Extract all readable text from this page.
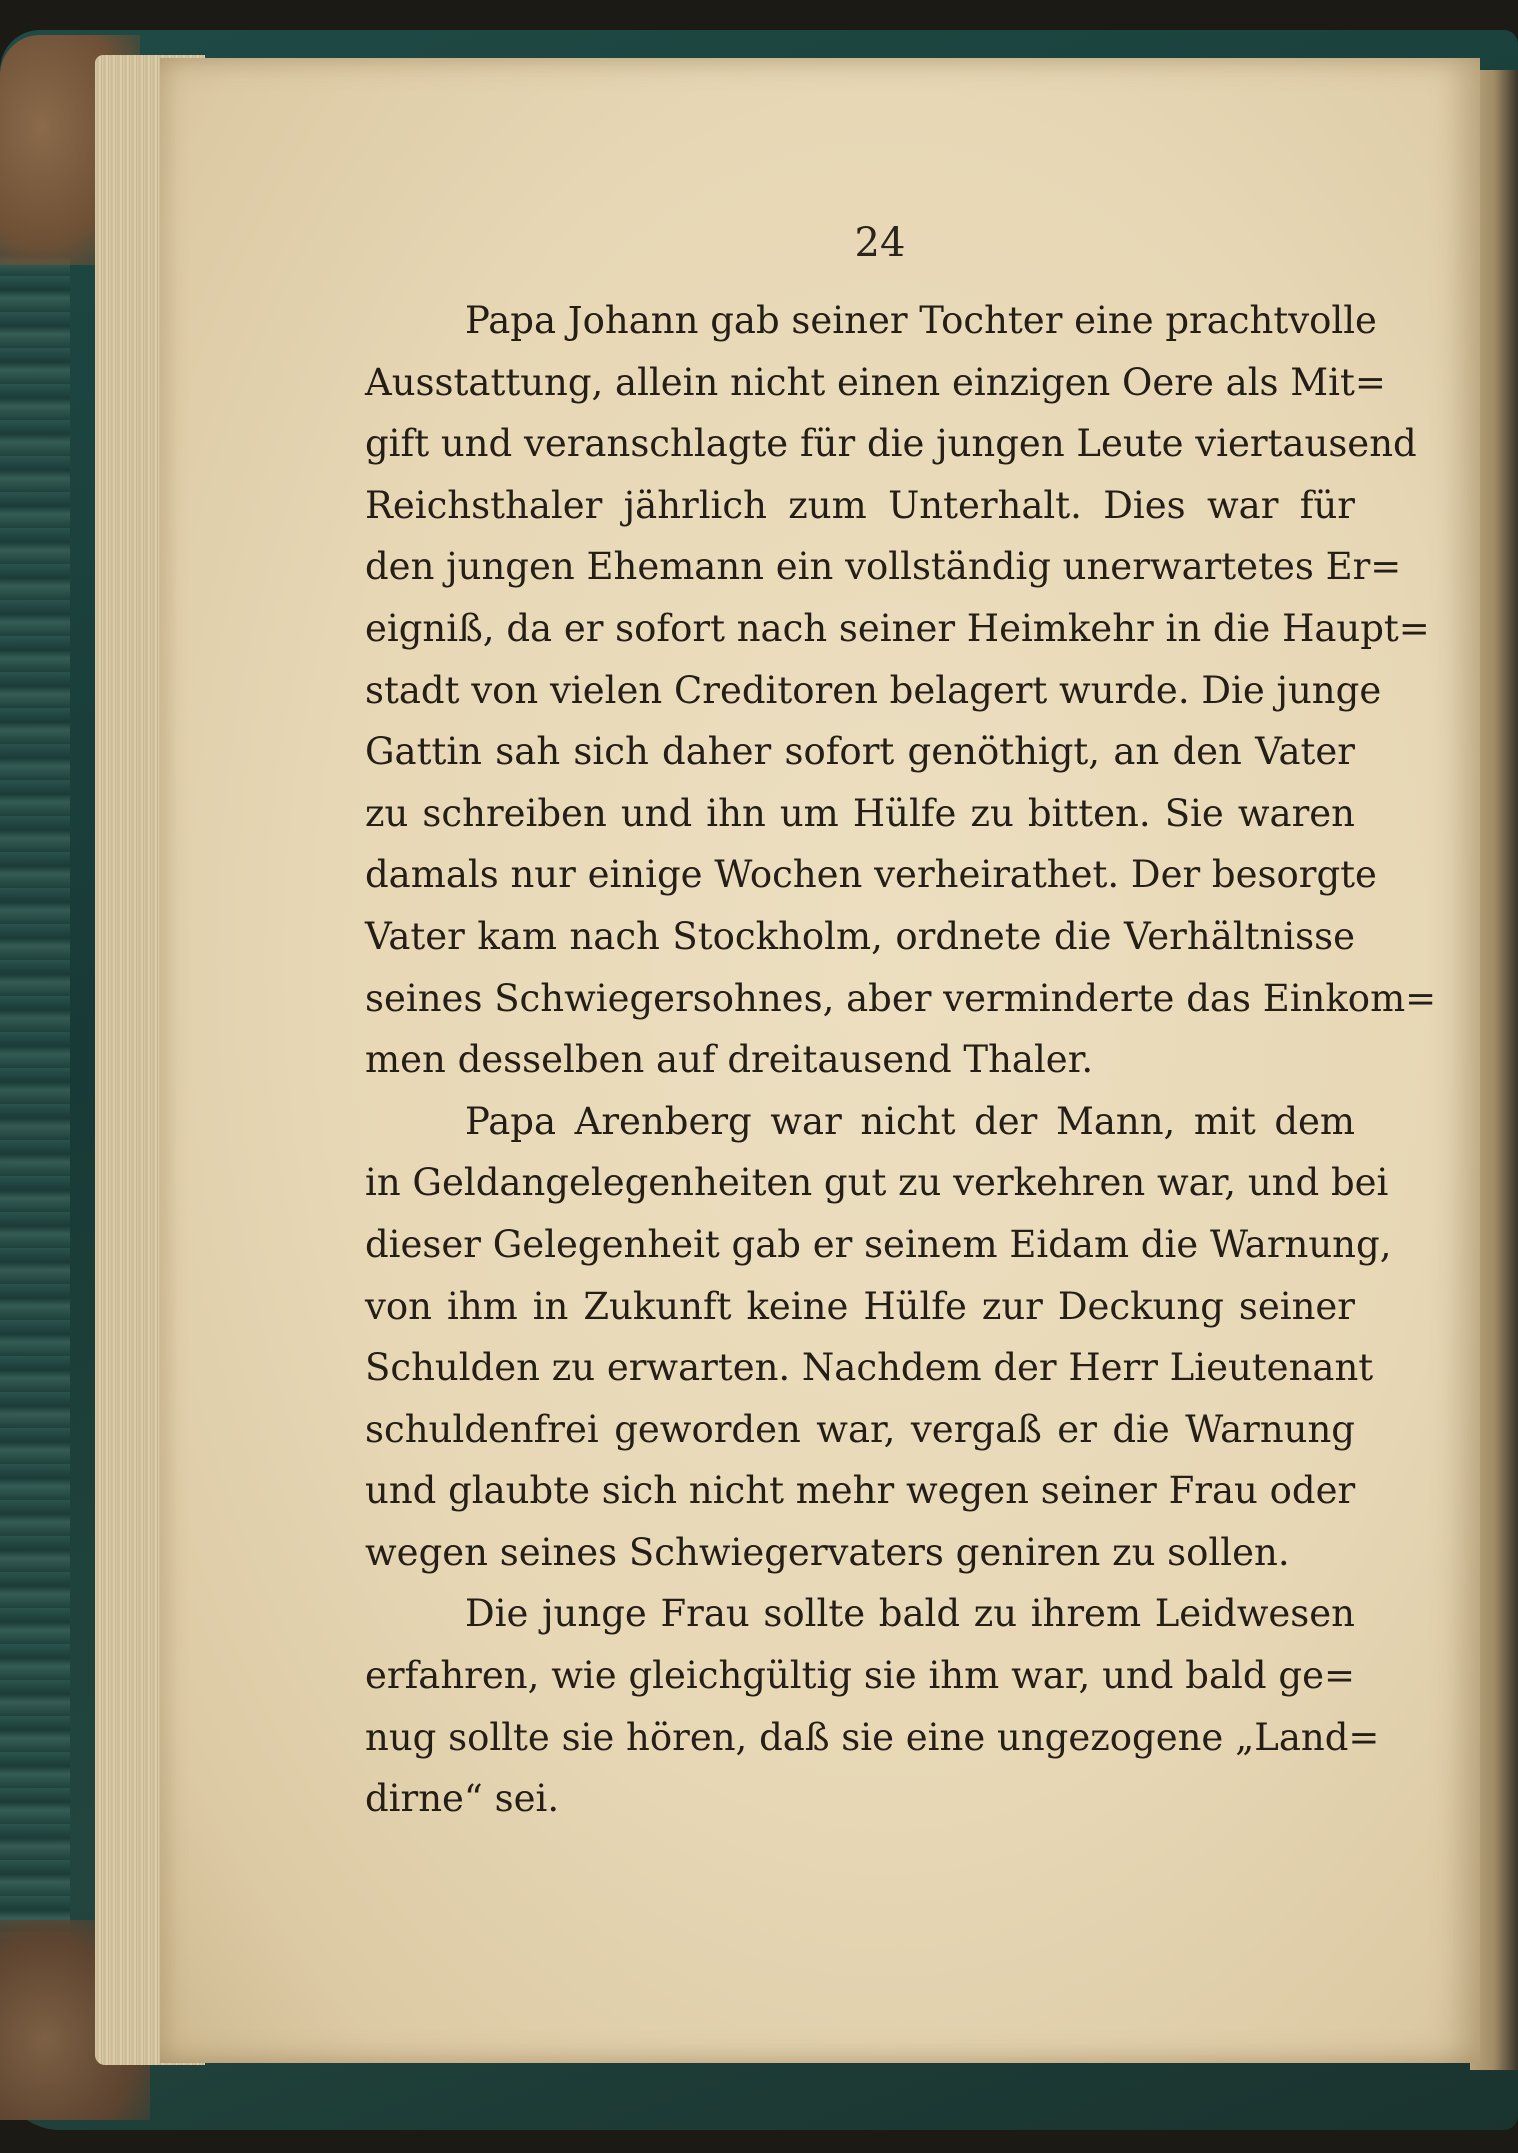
24

Papa Johann gab seiner Tochter eine prachtvolle
Ausstattung, allein nicht einen einzigen Oere als Mit=
gift und veranschlagte für die jungen Leute viertausend
Reichsthaler jährlich zum Unterhalt. Dies war für
den jungen Ehemann ein vollständig unerwartetes Er=
eigniß, da er sofort nach seiner Heimkehr in die Haupt=
stadt von vielen Creditoren belagert wurde. Die junge
Gattin sah sich daher sofort genöthigt, an den Vater
zu schreiben und ihn um Hülfe zu bitten. Sie waren
damals nur einige Wochen verheirathet. Der besorgte
Vater kam nach Stockholm, ordnete die Verhältnisse
seines Schwiegersohnes, aber verminderte das Einkom=
men desselben auf dreitausend Thaler.

Papa Arenberg war nicht der Mann, mit dem
in Geldangelegenheiten gut zu verkehren war, und bei
dieser Gelegenheit gab er seinem Eidam die Warnung,
von ihm in Zukunft keine Hülfe zur Deckung seiner
Schulden zu erwarten. Nachdem der Herr Lieutenant
schuldenfrei geworden war, vergaß er die Warnung
und glaubte sich nicht mehr wegen seiner Frau oder
wegen seines Schwiegervaters geniren zu sollen.

Die junge Frau sollte bald zu ihrem Leidwesen
erfahren, wie gleichgültig sie ihm war, und bald ge=
nug sollte sie hören, daß sie eine ungezogene „Land=
dirne“ sei.
